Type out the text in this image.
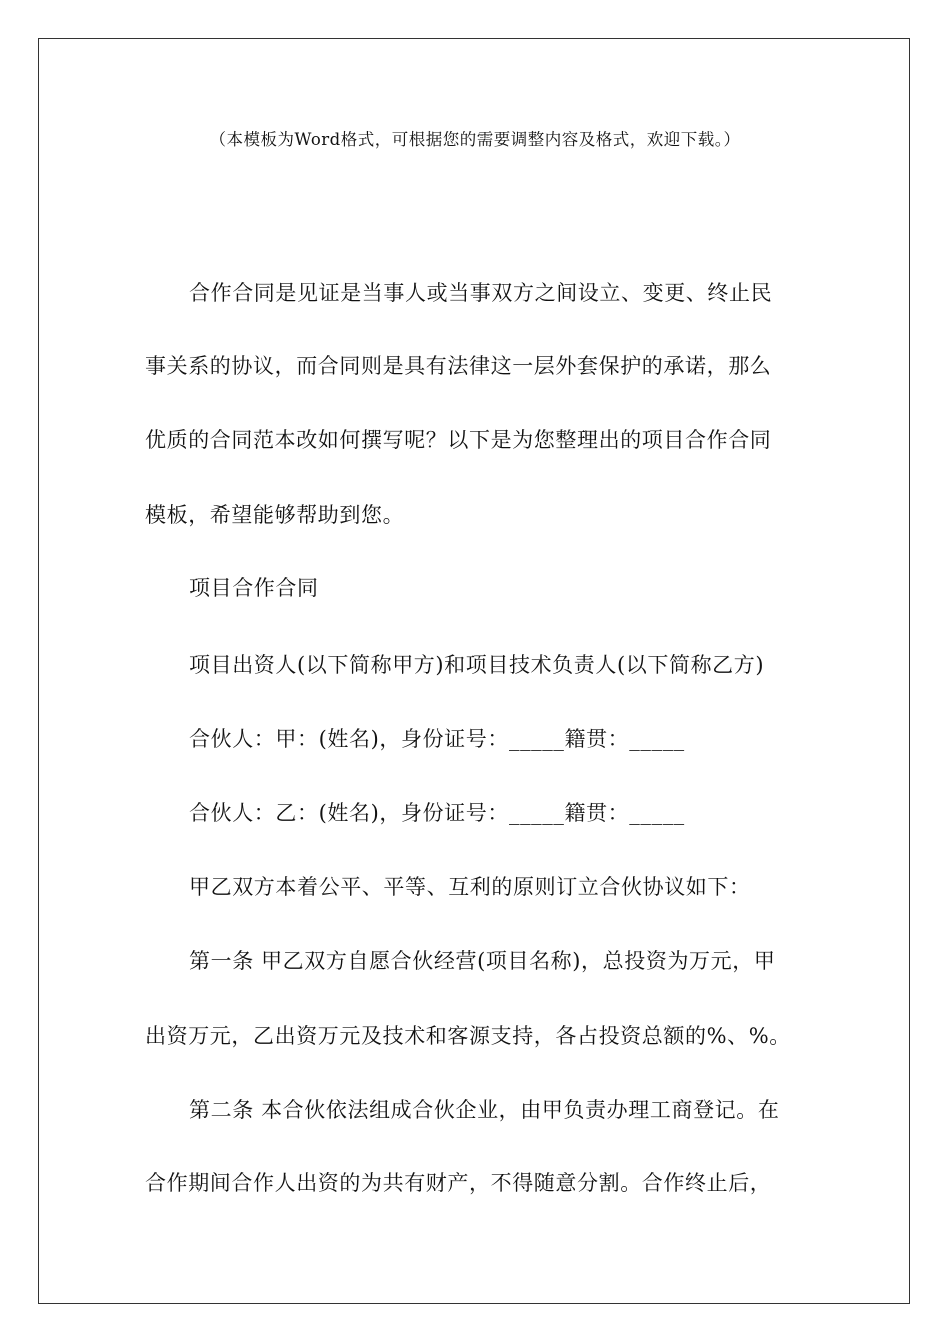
（本模板为Word格式，可根据您的需要调整内容及格式，欢迎下载。）
合作合同是见证是当事人或当事双方之间设立、变更、终止民
事关系的协议，而合同则是具有法律这一层外套保护的承诺，那么
优质的合同范本改如何撰写呢？以下是为您整理出的项目合作合同
模板，希望能够帮助到您。
项目合作合同
项目出资人(以下简称甲方)和项目技术负责人(以下简称乙方)
合伙人：甲：(姓名)，身份证号：_____籍贯：_____
合伙人：乙：(姓名)，身份证号：_____籍贯：_____
甲乙双方本着公平、平等、互利的原则订立合伙协议如下：
第一条 甲乙双方自愿合伙经营(项目名称)，总投资为万元，甲
出资万元，乙出资万元及技术和客源支持，各占投资总额的%、%。
第二条 本合伙依法组成合伙企业，由甲负责办理工商登记。在
合作期间合作人出资的为共有财产，不得随意分割。合作终止后，
